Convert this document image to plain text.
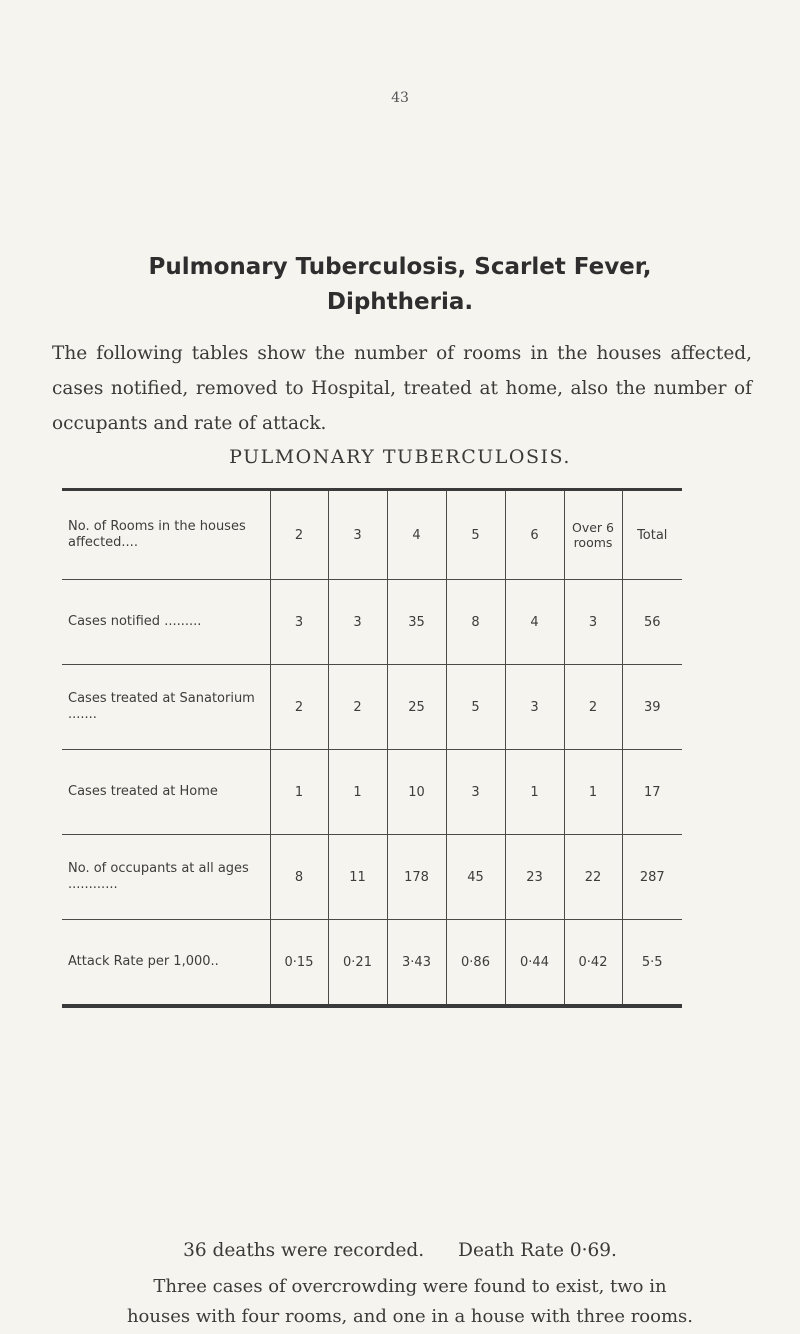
43
Pulmonary Tuberculosis, Scarlet Fever, Diphtheria.
The following tables show the number of rooms in the houses affected, cases notified, removed to Hospital, treated at home, also the number of occupants and rate of attack.
PULMONARY TUBERCULOSIS.
No. of Rooms in the houses affected....	2	3	4	5	6	Over 6 rooms	Total
Cases notified .........	3	3	35	8	4	3	56
Cases treated at Sanatorium .......	2	2	25	5	3	2	39
Cases treated at Home	1	1	10	3	1	1	17
No. of occupants at all ages ............	8	11	178	45	23	22	287
Attack Rate per 1,000..	0·15	0·21	3·43	0·86	0·44	0·42	5·5
36 deaths were recorded. Death Rate 0·69.
Three cases of overcrowding were found to exist, two in houses with four rooms, and one in a house with three rooms.
